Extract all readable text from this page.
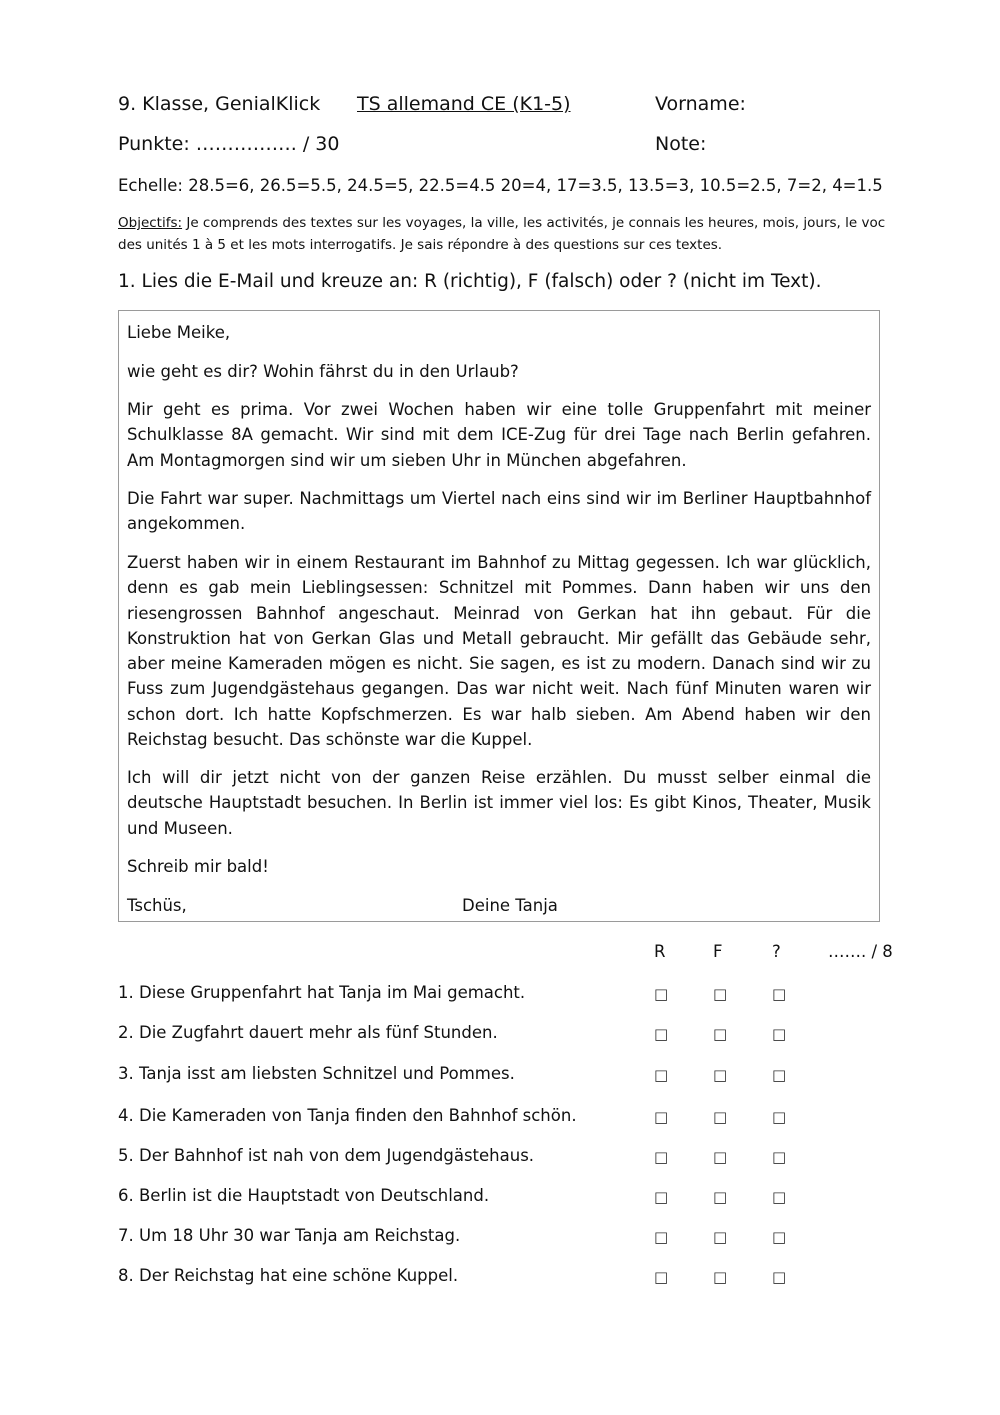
9. Klasse, GenialKlick TS allemand CE (K1-5)	Vorname:
Punkte: ……………. / 30	Note:
Echelle: 28.5=6, 26.5=5.5, 24.5=5, 22.5=4.5 20=4, 17=3.5, 13.5=3, 10.5=2.5, 7=2, 4=1.5
Objectifs: Je comprends des textes sur les voyages, la ville, les activités, je connais les heures, mois, jours, le voc des unités 1 à 5 et les mots interrogatifs. Je sais répondre à des questions sur ces textes.
1. Lies die E-Mail und kreuze an: R (richtig), F (falsch) oder ? (nicht im Text).
Liebe Meike,
wie geht es dir? Wohin fährst du in den Urlaub?
Mir geht es prima. Vor zwei Wochen haben wir eine tolle Gruppenfahrt mit meiner Schulklasse 8A gemacht. Wir sind mit dem ICE-Zug für drei Tage nach Berlin gefahren. Am Montagmorgen sind wir um sieben Uhr in München abgefahren.
Die Fahrt war super. Nachmittags um Viertel nach eins sind wir im Berliner Hauptbahnhof angekommen.
Zuerst haben wir in einem Restaurant im Bahnhof zu Mittag gegessen. Ich war glücklich, denn es gab mein Lieblingsessen: Schnitzel mit Pommes. Dann haben wir uns den riesengrossen Bahnhof angeschaut. Meinrad von Gerkan hat ihn gebaut. Für die Konstruktion hat von Gerkan Glas und Metall gebraucht. Mir gefällt das Gebäude sehr, aber meine Kameraden mögen es nicht. Sie sagen, es ist zu modern. Danach sind wir zu Fuss zum Jugendgästehaus gegangen. Das war nicht weit. Nach fünf Minuten waren wir schon dort. Ich hatte Kopfschmerzen. Es war halb sieben. Am Abend haben wir den Reichstag besucht. Das schönste war die Kuppel.
Ich will dir jetzt nicht von der ganzen Reise erzählen. Du musst selber einmal die deutsche Hauptstadt besuchen. In Berlin ist immer viel los: Es gibt Kinos, Theater, Musik und Museen.
Schreib mir bald!
Tschüs,	Deine Tanja
R	F	?	……. / 8
1. Diese Gruppenfahrt hat Tanja im Mai gemacht.	□	□	□
2. Die Zugfahrt dauert mehr als fünf Stunden.	□	□	□
3. Tanja isst am liebsten Schnitzel und Pommes.	□	□	□
4. Die Kameraden von Tanja finden den Bahnhof schön.	□	□	□
5. Der Bahnhof ist nah von dem Jugendgästehaus.	□	□	□
6. Berlin ist die Hauptstadt von Deutschland.	□	□	□
7. Um 18 Uhr 30 war Tanja am Reichstag.	□	□	□
8. Der Reichstag hat eine schöne Kuppel.	□	□	□
